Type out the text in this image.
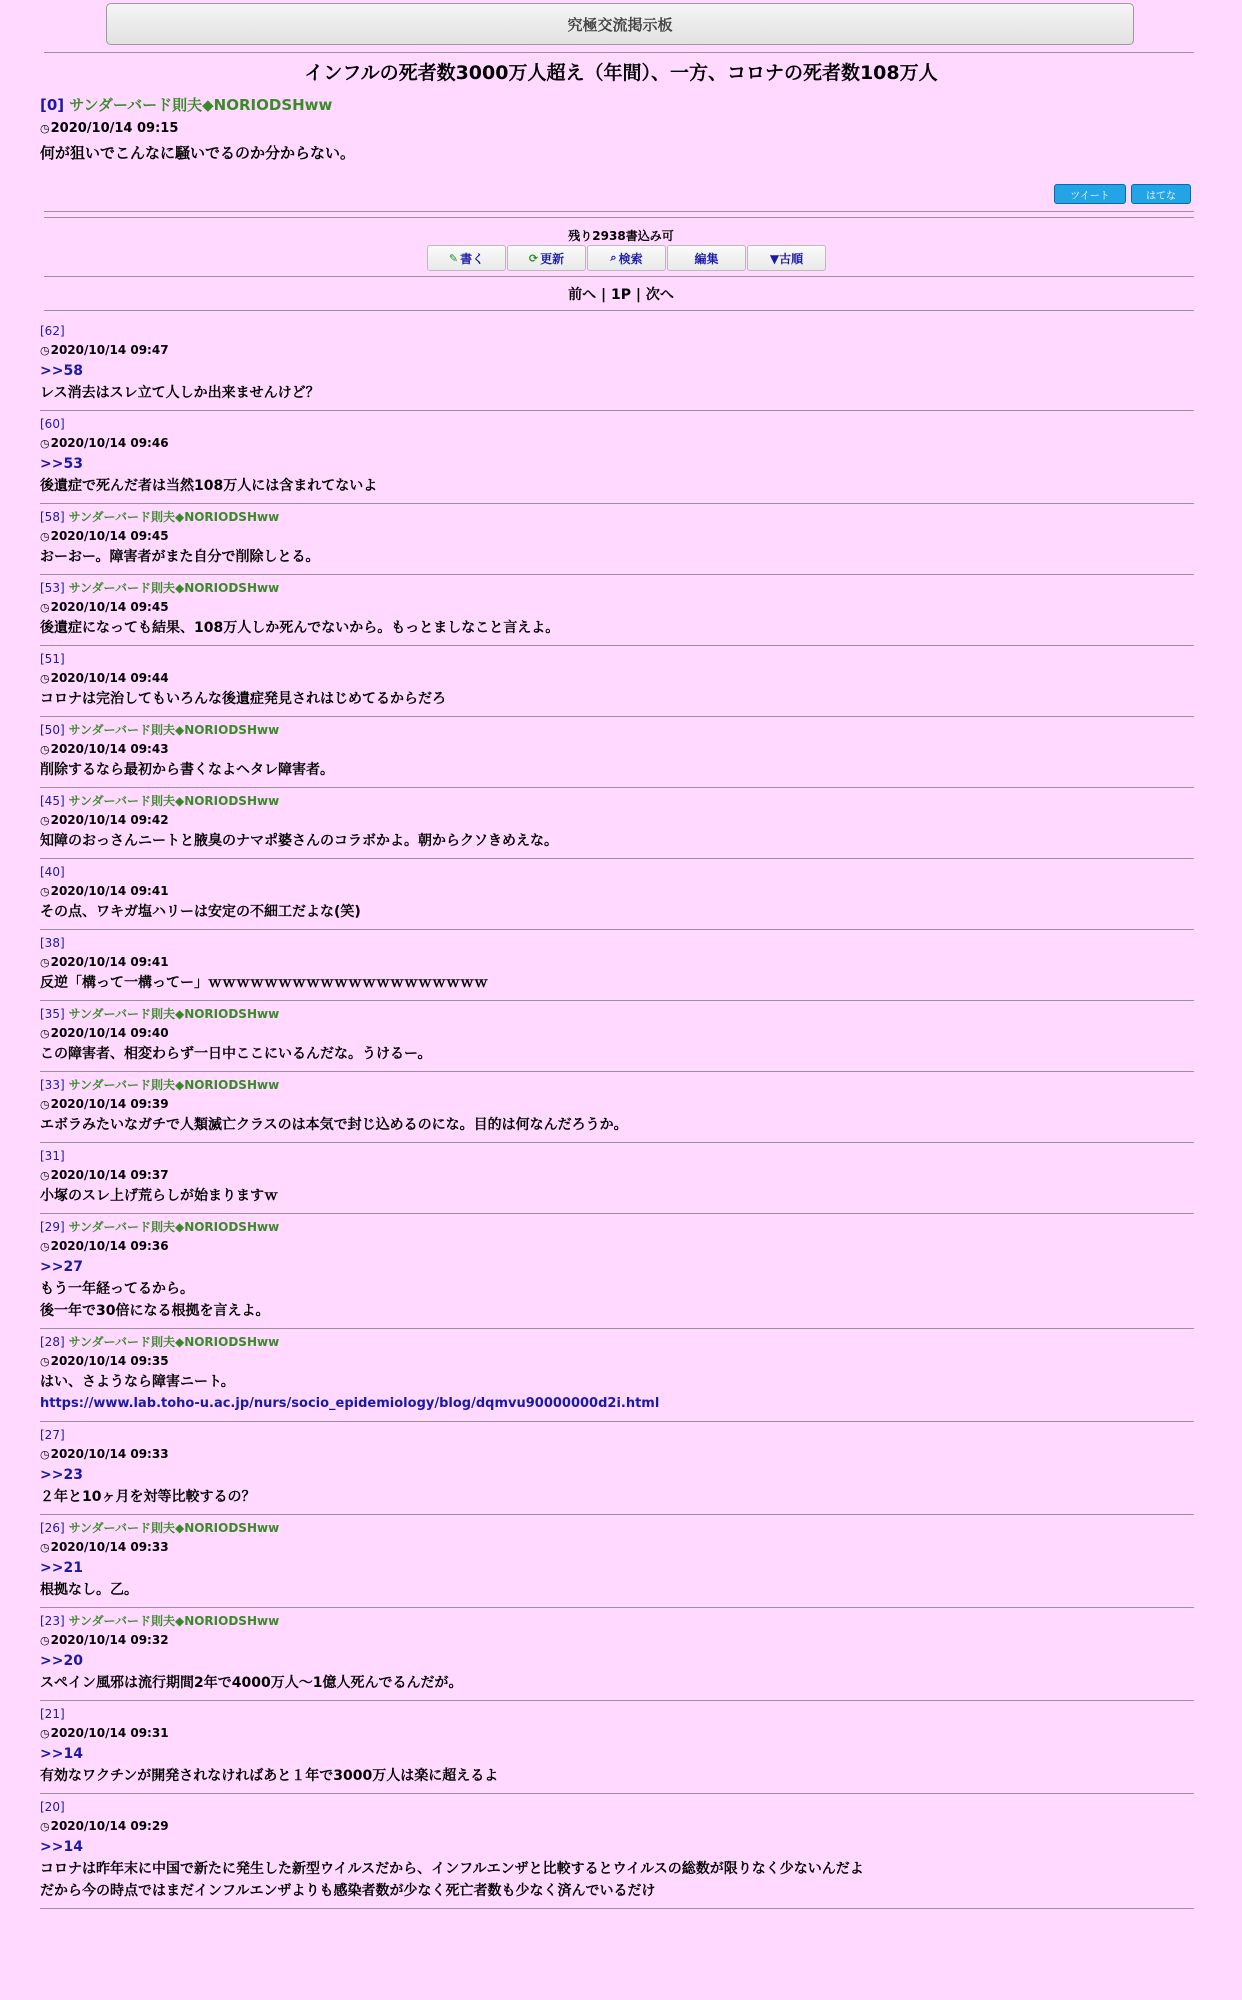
究極交流掲示板
インフルの死者数3000万人超え（年間）、一方、コロナの死者数108万人
[0] サンダーバード則夫◆NORIODSHww
◷2020/10/14 09:15
何が狙いでこんなに騒いでるのか分からない。
ツイート	はてな
残り2938書込み可
✎ 書く	⟳ 更新	⌕ 検索	編集	▼古順
前へ | 1P | 次へ
[62]
◷2020/10/14 09:47
>>58
レス消去はスレ立て人しか出来ませんけど？
[60]
◷2020/10/14 09:46
>>53
後遺症で死んだ者は当然108万人には含まれてないよ
[58] サンダーバード則夫◆NORIODSHww
◷2020/10/14 09:45
おーおー。障害者がまた自分で削除しとる。
[53] サンダーバード則夫◆NORIODSHww
◷2020/10/14 09:45
後遺症になっても結果、108万人しか死んでないから。もっとましなこと言えよ。
[51]
◷2020/10/14 09:44
コロナは完治してもいろんな後遺症発見されはじめてるからだろ
[50] サンダーバード則夫◆NORIODSHww
◷2020/10/14 09:43
削除するなら最初から書くなよヘタレ障害者。
[45] サンダーバード則夫◆NORIODSHww
◷2020/10/14 09:42
知障のおっさんニートと腋臭のナマポ婆さんのコラボかよ。朝からクソきめえな。
[40]
◷2020/10/14 09:41
その点、ワキガ塩ハリーは安定の不細工だよな(笑)
[38]
◷2020/10/14 09:41
反逆「構って一構ってー」ｗｗｗｗｗｗｗｗｗｗｗｗｗｗｗｗｗｗｗｗ
[35] サンダーバード則夫◆NORIODSHww
◷2020/10/14 09:40
この障害者、相変わらず一日中ここにいるんだな。うけるー。
[33] サンダーバード則夫◆NORIODSHww
◷2020/10/14 09:39
エボラみたいなガチで人類滅亡クラスのは本気で封じ込めるのにな。目的は何なんだろうか。
[31]
◷2020/10/14 09:37
小塚のスレ上げ荒らしが始まりますｗ
[29] サンダーバード則夫◆NORIODSHww
◷2020/10/14 09:36
>>27
もう一年経ってるから。
後一年で30倍になる根拠を言えよ。
[28] サンダーバード則夫◆NORIODSHww
◷2020/10/14 09:35
はい、さようなら障害ニート。
https://www.lab.toho-u.ac.jp/nurs/socio_epidemiology/blog/dqmvu90000000d2i.html
[27]
◷2020/10/14 09:33
>>23
２年と10ヶ月を対等比較するの？
[26] サンダーバード則夫◆NORIODSHww
◷2020/10/14 09:33
>>21
根拠なし。乙。
[23] サンダーバード則夫◆NORIODSHww
◷2020/10/14 09:32
>>20
スペイン風邪は流行期間2年で4000万人～1億人死んでるんだが。
[21]
◷2020/10/14 09:31
>>14
有効なワクチンが開発されなければあと１年で3000万人は楽に超えるよ
[20]
◷2020/10/14 09:29
>>14
コロナは昨年末に中国で新たに発生した新型ウイルスだから、インフルエンザと比較するとウイルスの総数が限りなく少ないんだよ
だから今の時点ではまだインフルエンザよりも感染者数が少なく死亡者数も少なく済んでいるだけ
